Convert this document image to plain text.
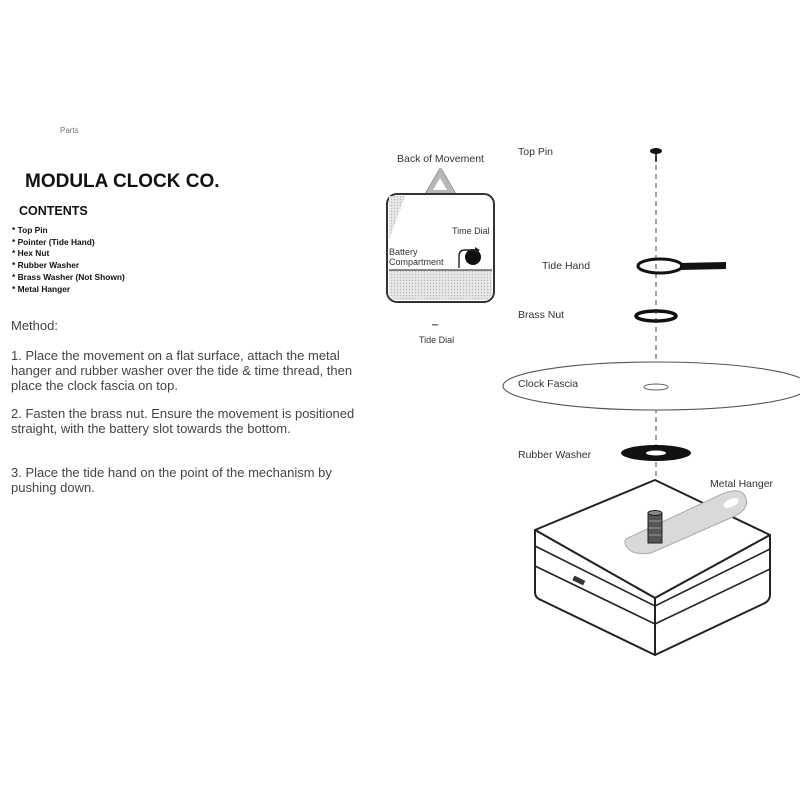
Parts
MODULA CLOCK CO.
CONTENTS
* Top Pin
* Pointer (Tide Hand)
* Hex Nut
* Rubber Washer
* Brass Washer (Not Shown)
* Metal Hanger
Method:

1. Place the movement on a flat surface, attach the metal hanger and rubber washer over the tide & time thread, then place the clock fascia on top.

2. Fasten the brass nut. Ensure the movement is positioned straight, with the battery slot towards the bottom.

3. Place the tide hand on the point of the mechanism by pushing down.

Back of Movement
Time Dial
Battery
Compartment
Tide Dial
Top Pin
Tide Hand
Brass Nut
Clock Fascia
Rubber Washer
Metal Hanger
